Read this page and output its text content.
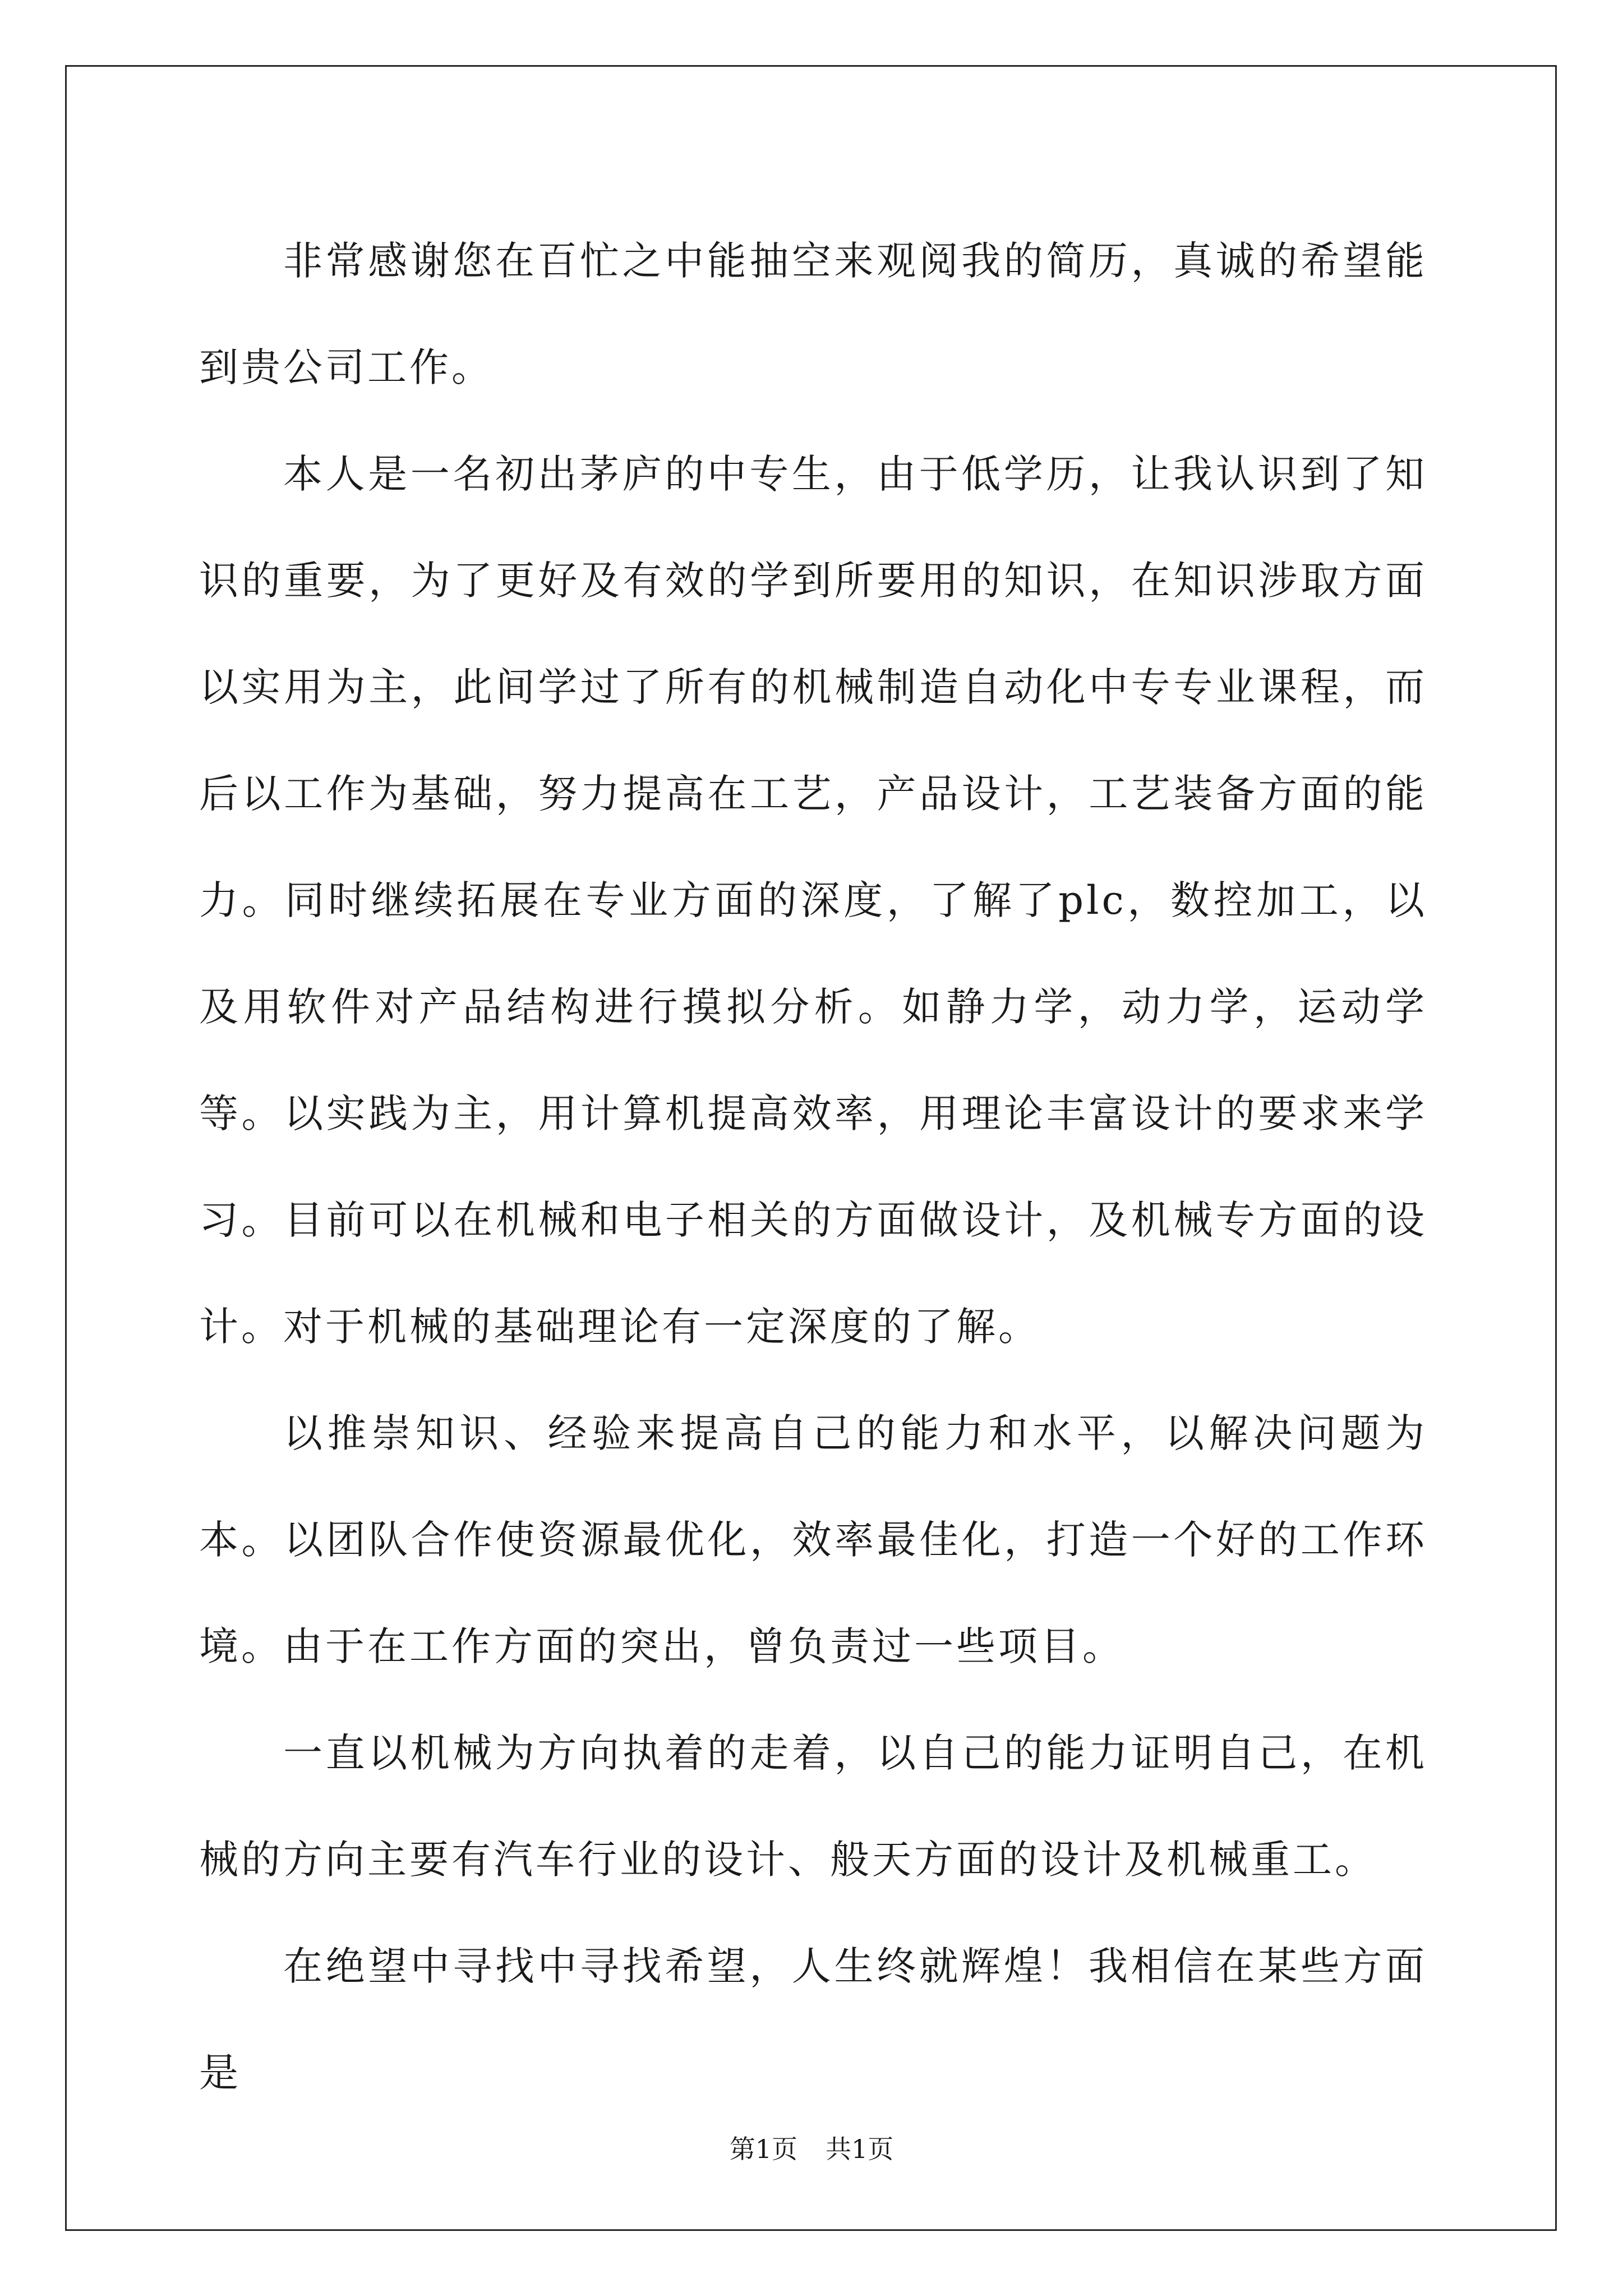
非常感谢您在百忙之中能抽空来观阅我的简历，真诚的希望能到贵公司工作。

本人是一名初出茅庐的中专生，由于低学历，让我认识到了知识的重要，为了更好及有效的学到所要用的知识，在知识涉取方面以实用为主，此间学过了所有的机械制造自动化中专专业课程，而后以工作为基础，努力提高在工艺，产品设计，工艺装备方面的能力。同时继续拓展在专业方面的深度，了解了plc，数控加工，以及用软件对产品结构进行摸拟分析。如静力学，动力学，运动学等。以实践为主，用计算机提高效率，用理论丰富设计的要求来学习。目前可以在机械和电子相关的方面做设计，及机械专方面的设计。对于机械的基础理论有一定深度的了解。

以推崇知识、经验来提高自己的能力和水平，以解决问题为本。以团队合作使资源最优化，效率最佳化，打造一个好的工作环境。由于在工作方面的突出，曾负责过一些项目。

一直以机械为方向执着的走着，以自己的能力证明自己，在机械的方向主要有汽车行业的设计、般天方面的设计及机械重工。

在绝望中寻找中寻找希望，人生终就辉煌！我相信在某些方面是

第1页 共1页
